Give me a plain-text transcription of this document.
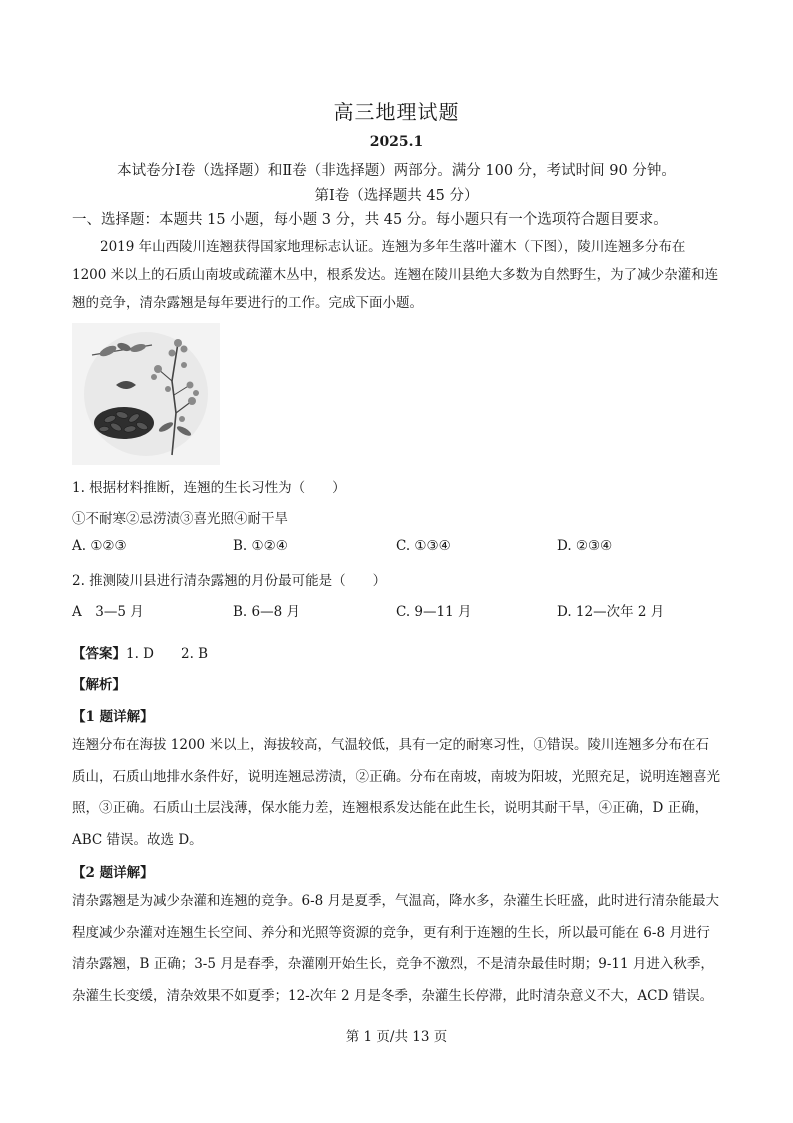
高三地理试题
2025.1
本试卷分Ⅰ卷（选择题）和Ⅱ卷（非选择题）两部分。满分 100 分，考试时间 90 分钟。
第Ⅰ卷（选择题共 45 分）
一、选择题：本题共 15 小题，每小题 3 分，共 45 分。每小题只有一个选项符合题目要求。

2019 年山西陵川连翘获得国家地理标志认证。连翘为多年生落叶灌木（下图），陵川连翘多分布在 1200 米以上的石质山南坡或疏灌木丛中，根系发达。连翘在陵川县绝大多数为自然野生，为了减少杂灌和连翘的竞争，清杂露翘是每年要进行的工作。完成下面小题。

1. 根据材料推断，连翘的生长习性为（　　）
①不耐寒②忌涝渍③喜光照④耐干旱
A. ①②③	B. ①②④	C. ①③④	D. ②③④
2. 推测陵川县进行清杂露翘的月份最可能是（　　）
A　3—5 月	B. 6—8 月	C. 9—11 月	D. 12—次年 2 月
【答案】1. D　　2. B
【解析】
【1 题详解】

连翘分布在海拔 1200 米以上，海拔较高，气温较低，具有一定的耐寒习性，①错误。陵川连翘多分布在石质山，石质山地排水条件好，说明连翘忌涝渍，②正确。分布在南坡，南坡为阳坡，光照充足，说明连翘喜光照，③正确。石质山土层浅薄，保水能力差，连翘根系发达能在此生长，说明其耐干旱，④正确，D 正确，ABC 错误。故选 D。

【2 题详解】

清杂露翘是为减少杂灌和连翘的竞争。6-8 月是夏季，气温高，降水多，杂灌生长旺盛，此时进行清杂能最大程度减少杂灌对连翘生长空间、养分和光照等资源的竞争，更有利于连翘的生长，所以最可能在 6-8 月进行清杂露翘，B 正确；3-5 月是春季，杂灌刚开始生长，竞争不激烈，不是清杂最佳时期；9-11 月进入秋季，杂灌生长变缓，清杂效果不如夏季；12-次年 2 月是冬季，杂灌生长停滞，此时清杂意义不大，ACD 错误。

第 1 页/共 13 页
